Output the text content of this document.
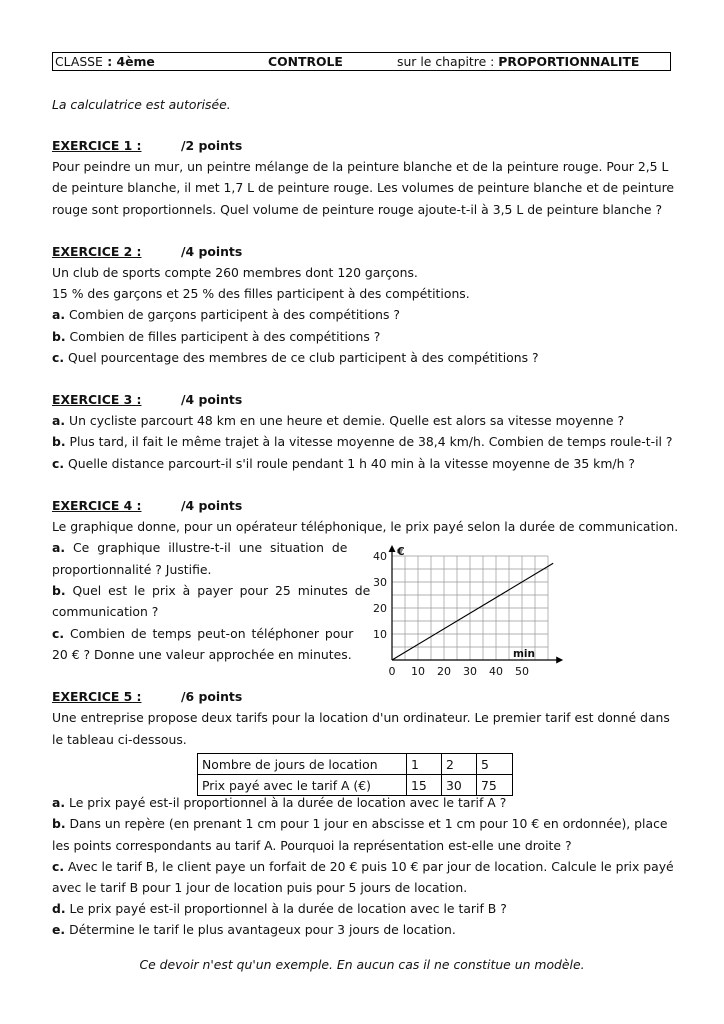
CLASSE : 4ème	CONTROLE	sur le chapitre : PROPORTIONNALITE
La calculatrice est autorisée.
EXERCICE 1 :	/2 points
Pour peindre un mur, un peintre mélange de la peinture blanche et de la peinture rouge. Pour 2,5 L
de peinture blanche, il met 1,7 L de peinture rouge. Les volumes de peinture blanche et de peinture
rouge sont proportionnels. Quel volume de peinture rouge ajoute-t-il à 3,5 L de peinture blanche ?
EXERCICE 2 :	/4 points
Un club de sports compte 260 membres dont 120 garçons.
15 % des garçons et 25 % des filles participent à des compétitions.
a. Combien de garçons participent à des compétitions ?
b. Combien de filles participent à des compétitions ?
c. Quel pourcentage des membres de ce club participent à des compétitions ?
EXERCICE 3 :	/4 points
a. Un cycliste parcourt 48 km en une heure et demie. Quelle est alors sa vitesse moyenne ?
b. Plus tard, il fait le même trajet à la vitesse moyenne de 38,4 km/h. Combien de temps roule-t-il ?
c. Quelle distance parcourt-il s'il roule pendant 1 h 40 min à la vitesse moyenne de 35 km/h ?
EXERCICE 4 :	/4 points
Le graphique donne, pour un opérateur téléphonique, le prix payé selon la durée de communication.
a. Ce graphique illustre-t-il une situation de
proportionnalité ? Justifie.
b. Quel est le prix à payer pour 25 minutes de
communication ?
c. Combien de temps peut-on téléphoner pour
20 € ? Donne une valeur approchée en minutes.
0 10 20 30 40 50
10
20
30
40
min
€
EXERCICE 5 :	/6 points
Une entreprise propose deux tarifs pour la location d'un ordinateur. Le premier tarif est donné dans
le tableau ci-dessous.
Nombre de jours de location	1	2	5
Prix payé avec le tarif A (€)	15	30	75
a. Le prix payé est-il proportionnel à la durée de location avec le tarif A ?
b. Dans un repère (en prenant 1 cm pour 1 jour en abscisse et 1 cm pour 10 € en ordonnée), place
les points correspondants au tarif A. Pourquoi la représentation est-elle une droite ?
c. Avec le tarif B, le client paye un forfait de 20 € puis 10 € par jour de location. Calcule le prix payé
avec le tarif B pour 1 jour de location puis pour 5 jours de location.
d. Le prix payé est-il proportionnel à la durée de location avec le tarif B ?
e. Détermine le tarif le plus avantageux pour 3 jours de location.
Ce devoir n'est qu'un exemple. En aucun cas il ne constitue un modèle.
